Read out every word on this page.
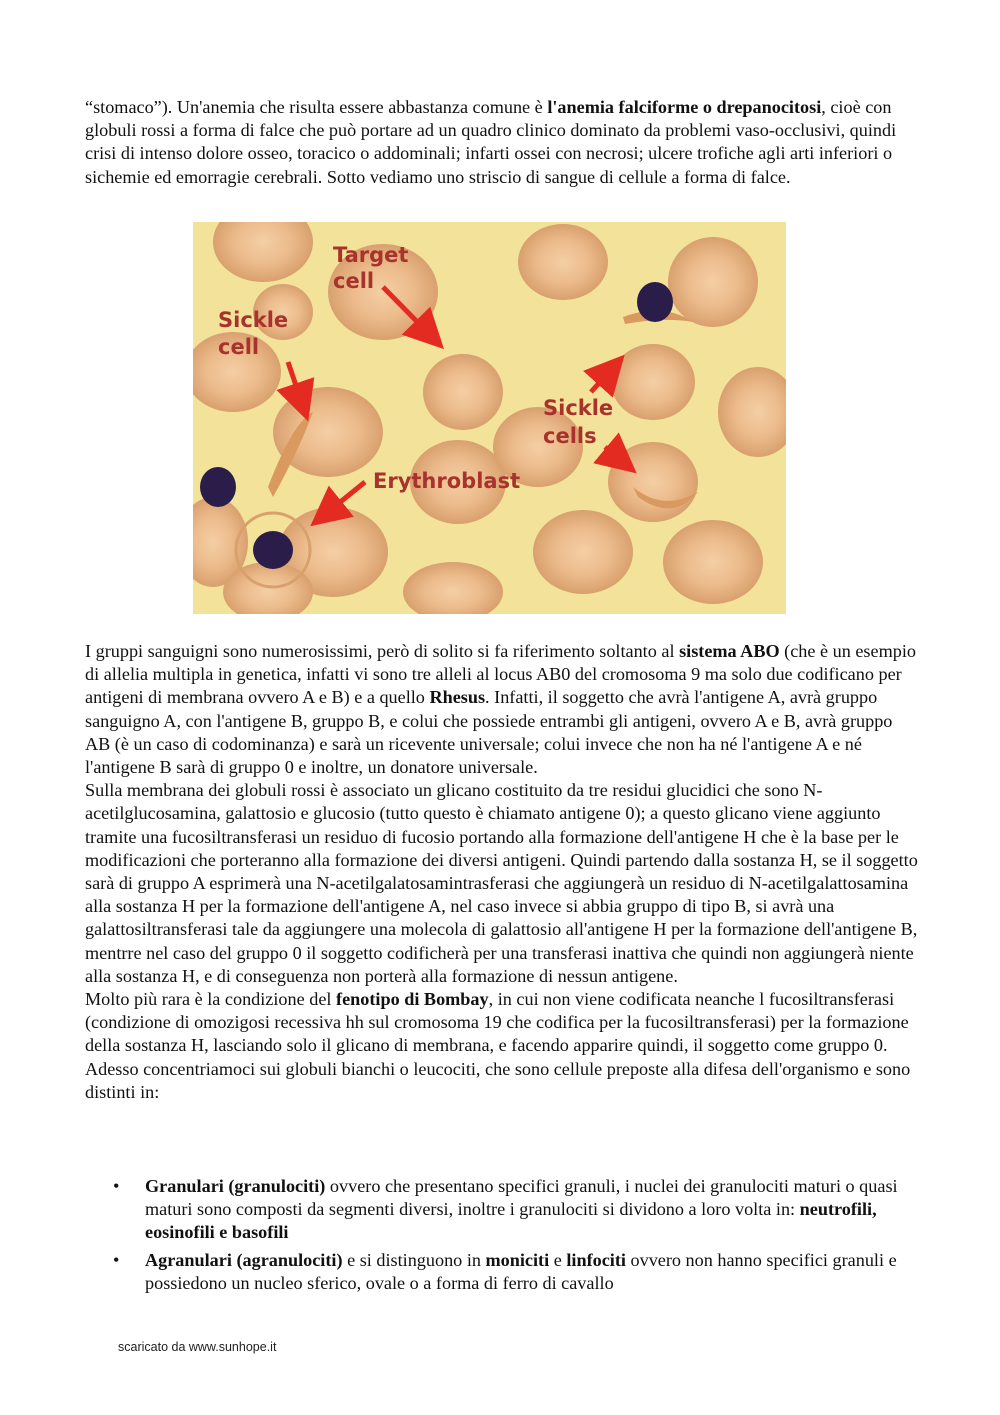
“stomaco”). Un'anemia che risulta essere abbastanza comune è l'anemia falciforme o drepanocitosi, cioè con globuli rossi a forma di falce che può portare ad un quadro clinico dominato da problemi vaso-occlusivi, quindi crisi di intenso dolore osseo, toracico o addominali; infarti ossei con necrosi; ulcere trofiche agli arti inferiori o sichemie ed emorragie cerebrali. Sotto vediamo uno striscio di sangue di cellule a forma di falce.
Target
cell
Sickle
cell
Sickle
cells
Erythroblast
I gruppi sanguigni sono numerosissimi, però di solito si fa riferimento soltanto al sistema ABO (che è un esempio di allelia multipla in genetica, infatti vi sono tre alleli al locus AB0 del cromosoma 9 ma solo due codificano per antigeni di membrana ovvero A e B) e a quello Rhesus. Infatti, il soggetto che avrà l'antigene A, avrà gruppo sanguigno A, con l'antigene B, gruppo B, e colui che possiede entrambi gli antigeni, ovvero A e B, avrà gruppo AB (è un caso di codominanza) e sarà un ricevente universale; colui invece che non ha né l'antigene A e né l'antigene B sarà di gruppo 0 e inoltre, un donatore universale.
Sulla membrana dei globuli rossi è associato un glicano costituito da tre residui glucidici che sono N-acetilglucosamina, galattosio e glucosio (tutto questo è chiamato antigene 0); a questo glicano viene aggiunto tramite una fucosiltransferasi un residuo di fucosio portando alla formazione dell'antigene H che è la base per le modificazioni che porteranno alla formazione dei diversi antigeni. Quindi partendo dalla sostanza H, se il soggetto sarà di gruppo A esprimerà una N-acetilgalatosamintrasferasi che aggiungerà un residuo di N-acetilgalattosamina alla sostanza H per la formazione dell'antigene A, nel caso invece si abbia gruppo di tipo B, si avrà una galattosiltransferasi tale da aggiungere una molecola di galattosio all'antigene H per la formazione dell'antigene B, mentrre nel caso del gruppo 0 il soggetto codificherà per una transferasi inattiva che quindi non aggiungerà niente alla sostanza H, e di conseguenza non porterà alla formazione di nessun antigene.
Molto più rara è la condizione del fenotipo di Bombay, in cui non viene codificata neanche l fucosiltransferasi (condizione di omozigosi recessiva hh sul cromosoma 19 che codifica per la fucosiltransferasi) per la formazione della sostanza H, lasciando solo il glicano di membrana, e facendo apparire quindi, il soggetto come gruppo 0.
Adesso concentriamoci sui globuli bianchi o leucociti, che sono cellule preposte alla difesa dell'organismo e sono distinti in:
• Granulari (granulociti) ovvero che presentano specifici granuli, i nuclei dei granulociti maturi o quasi maturi sono composti da segmenti diversi, inoltre i granulociti si dividono a loro volta in: neutrofili, eosinofili e basofili
• Agranulari (agranulociti) e si distinguono in moniciti e linfociti ovvero non hanno specifici granuli e possiedono un nucleo sferico, ovale o a forma di ferro di cavallo
scaricato da www.sunhope.it
